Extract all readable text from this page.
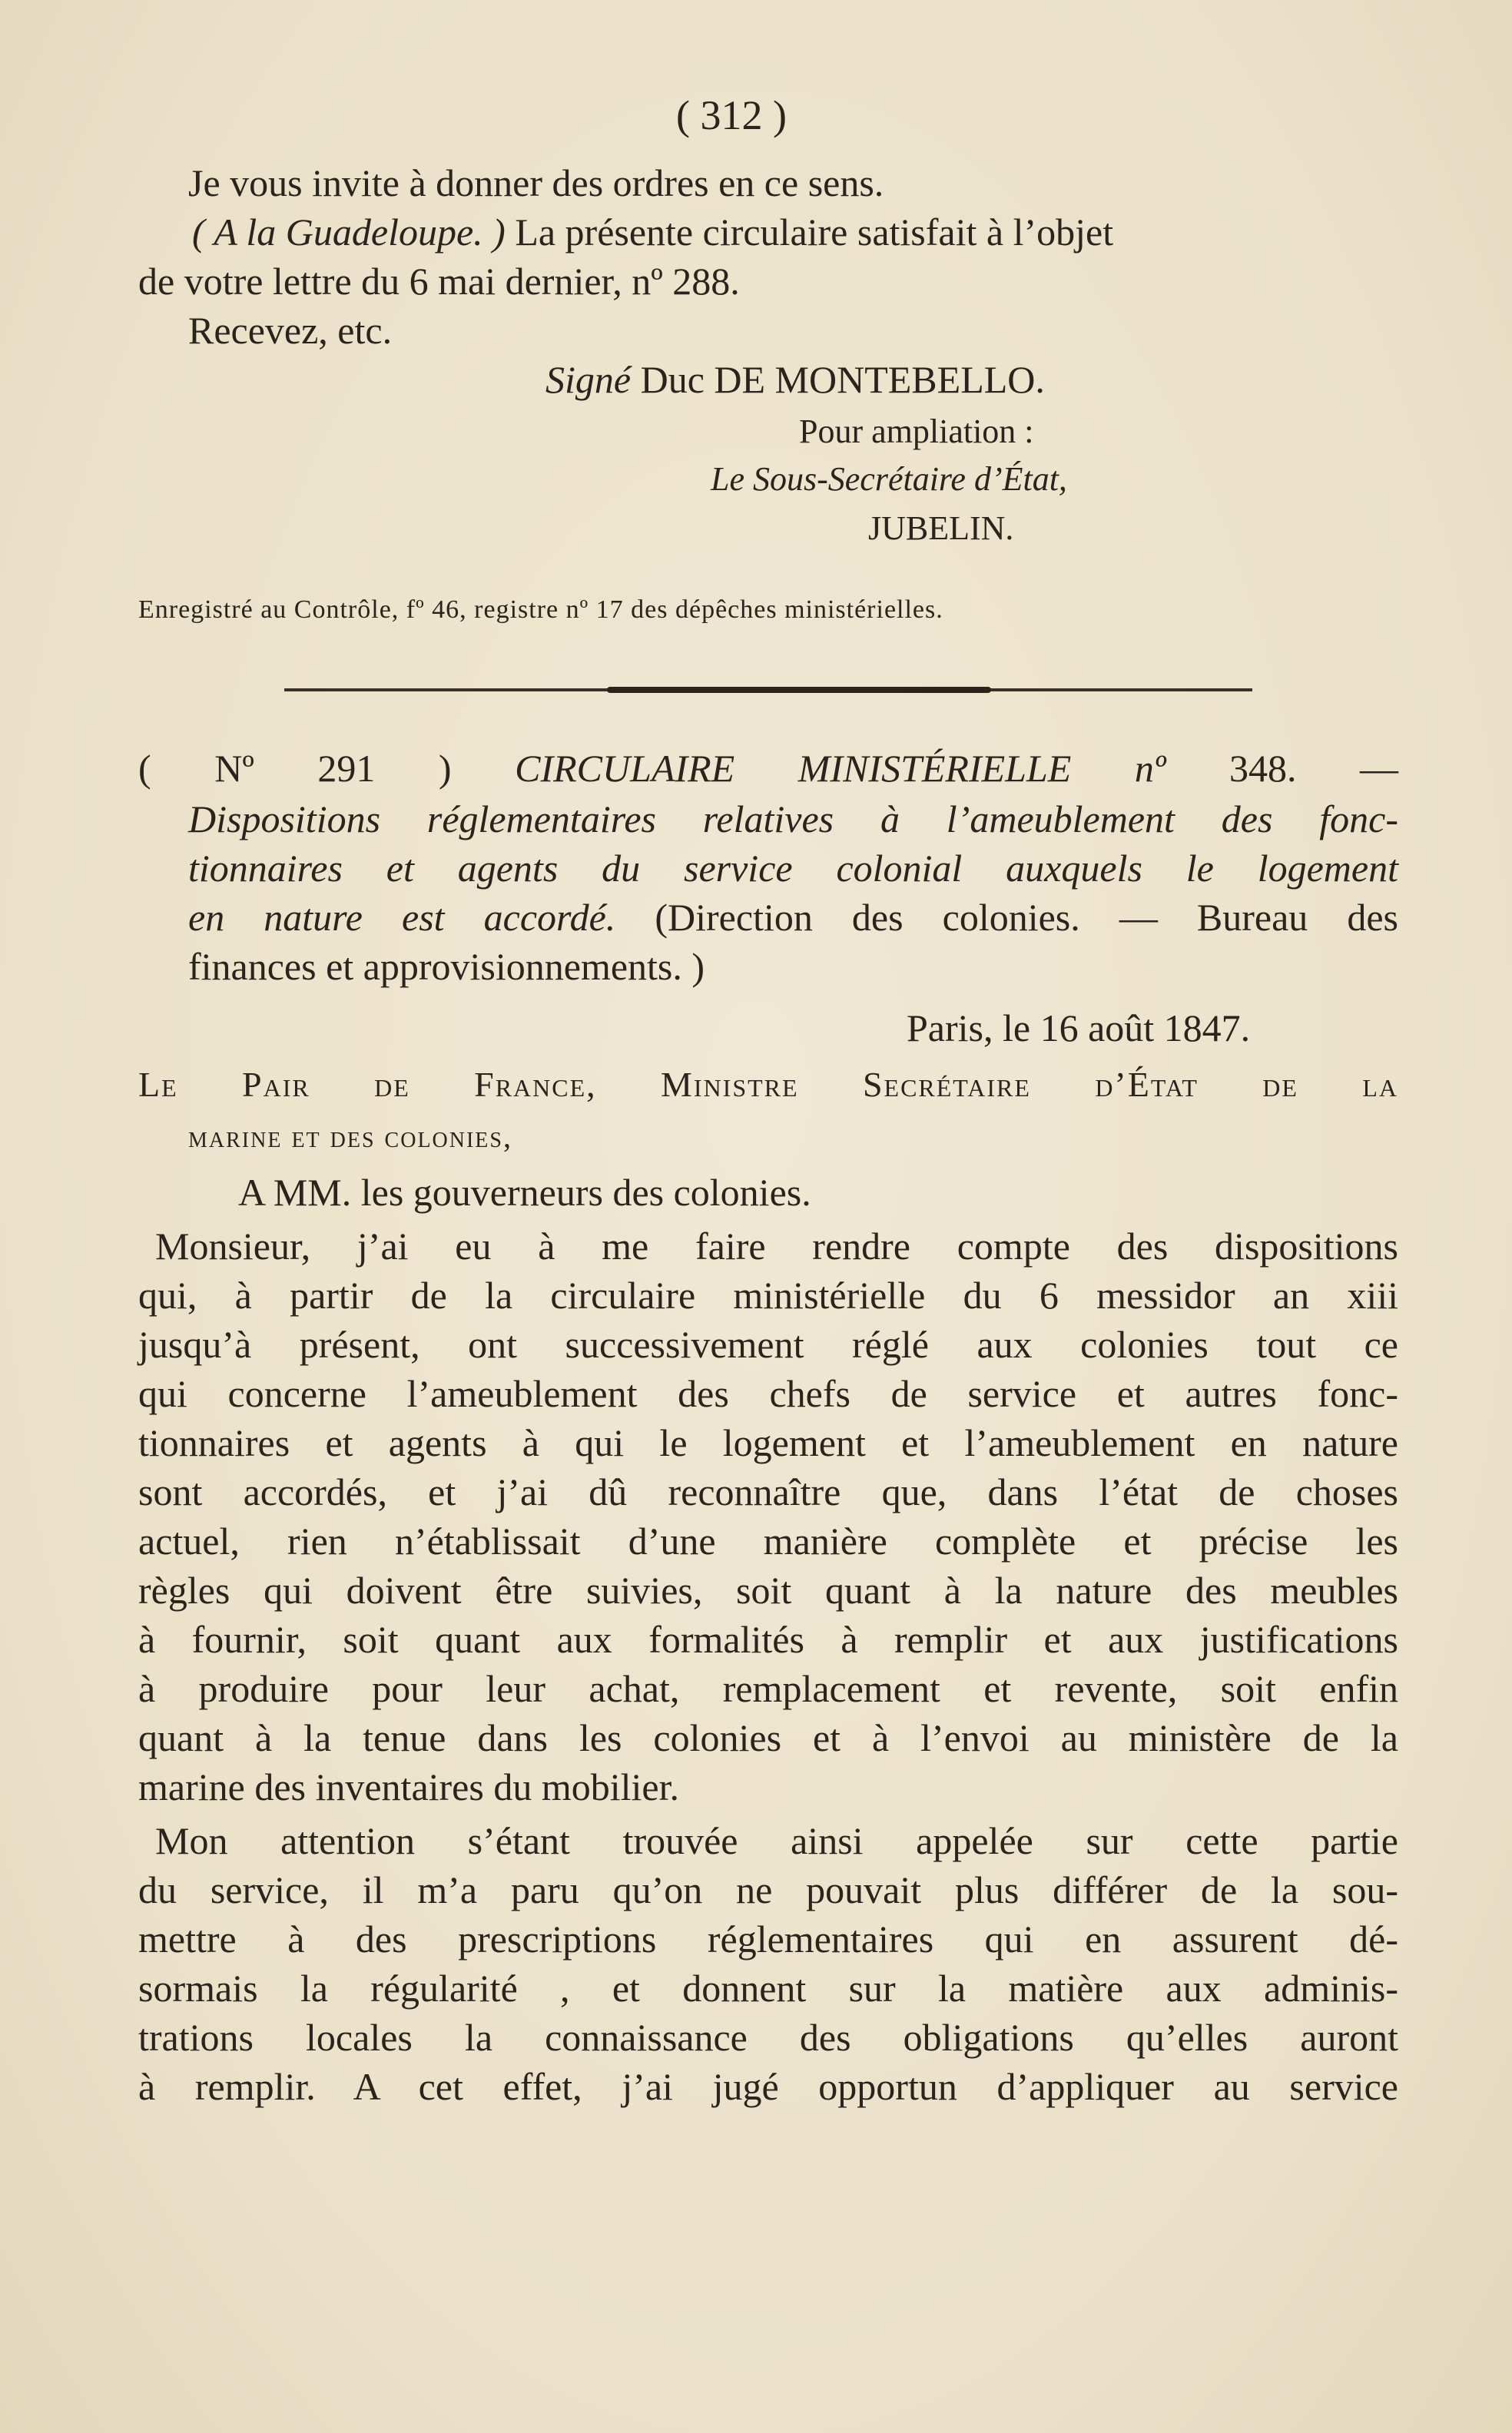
( 312 )
Je vous invite à donner des ordres en ce sens.
( A la Guadeloupe. ) La présente circulaire satisfait à l’objet
de votre lettre du 6 mai dernier, nº 288.
Recevez, etc.
Signé Duc DE MONTEBELLO.
Pour ampliation :
Le Sous-Secrétaire d’État,
JUBELIN.
Enregistré au Contrôle, fº 46, registre nº 17 des dépêches ministérielles.
( Nº 291 ) CIRCULAIRE MINISTÉRIELLE nº 348. —
Dispositions réglementaires relatives à l’ameublement des fonc-
tionnaires et agents du service colonial auxquels le logement
en nature est accordé. (Direction des colonies. — Bureau des
finances et approvisionnements. )
Paris, le 16 août 1847.
Le Pair de France, Ministre Secrétaire d’État de la
marine et des colonies,
A MM. les gouverneurs des colonies.
Monsieur, j’ai eu à me faire rendre compte des dispositions
qui, à partir de la circulaire ministérielle du 6 messidor an xiii
jusqu’à présent, ont successivement réglé aux colonies tout ce
qui concerne l’ameublement des chefs de service et autres fonc-
tionnaires et agents à qui le logement et l’ameublement en nature
sont accordés, et j’ai dû reconnaître que, dans l’état de choses
actuel, rien n’établissait d’une manière complète et précise les
règles qui doivent être suivies, soit quant à la nature des meubles
à fournir, soit quant aux formalités à remplir et aux justifications
à produire pour leur achat, remplacement et revente, soit enfin
quant à la tenue dans les colonies et à l’envoi au ministère de la
marine des inventaires du mobilier.
Mon attention s’étant trouvée ainsi appelée sur cette partie
du service, il m’a paru qu’on ne pouvait plus différer de la sou-
mettre à des prescriptions réglementaires qui en assurent dé-
sormais la régularité , et donnent sur la matière aux adminis-
trations locales la connaissance des obligations qu’elles auront
à remplir. A cet effet, j’ai jugé opportun d’appliquer au service
